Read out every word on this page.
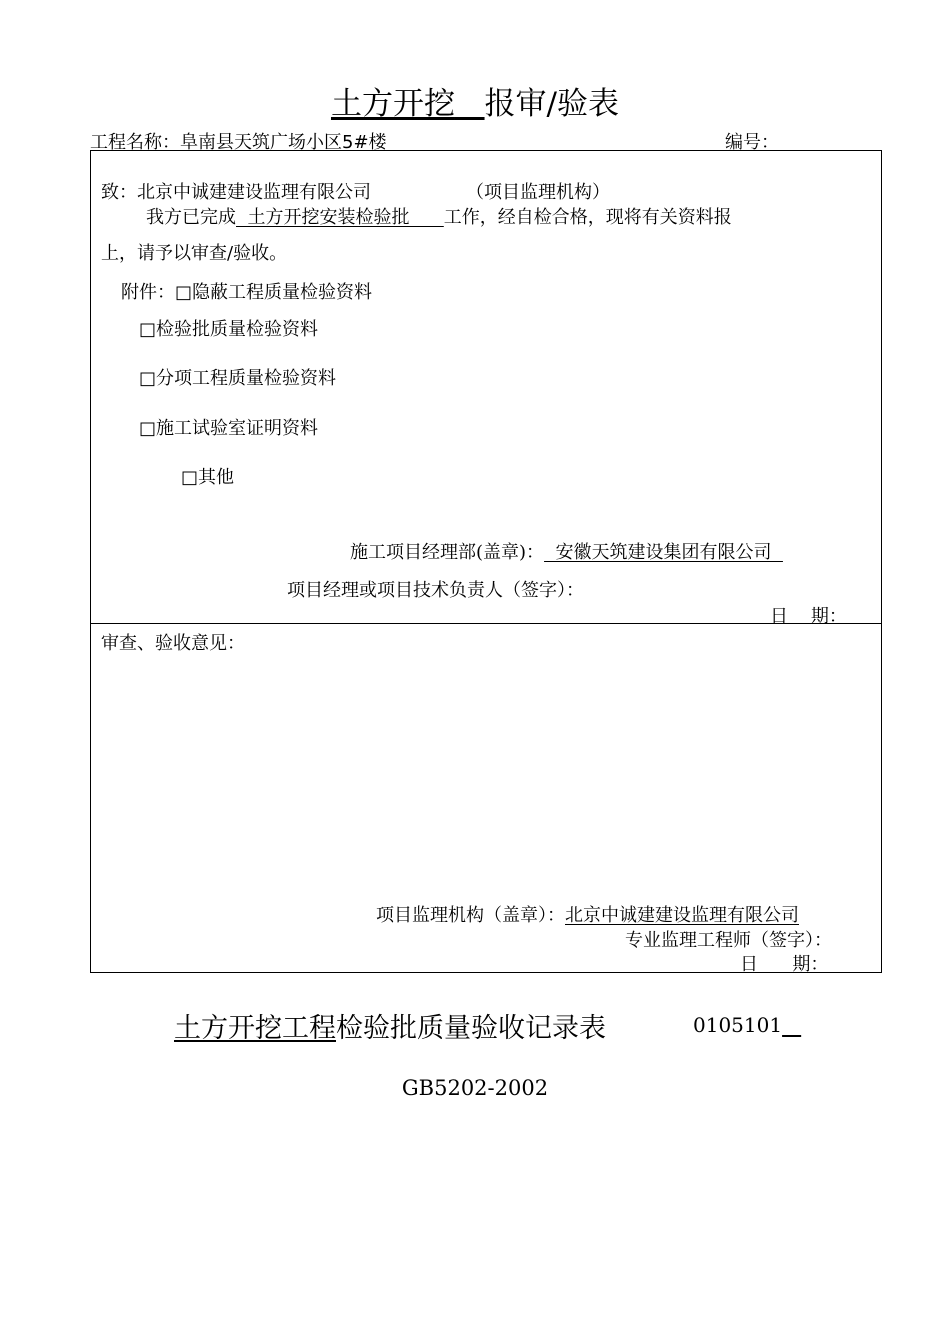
土方开挖 报审/验表
工程名称：阜南县天筑广场小区5#楼	编号：
致：北京中诚建建设监理有限公司	（项目监理机构）
我方已完成  土方开挖安装检验批      工作，经自检合格，现将有关资料报
上，请予以审查/验收。
附件：□隐蔽工程质量检验资料
□检验批质量检验资料
□分项工程质量检验资料
□施工试验室证明资料
□其他
施工项目经理部(盖章)：  安徽天筑建设集团有限公司
项目经理或项目技术负责人（签字）：
日    期：
审查、验收意见：
项目监理机构（盖章）：北京中诚建建设监理有限公司
专业监理工程师（签字）：
日      期：
土方开挖工程检验批质量验收记录表	0105101
GB5202-2002
